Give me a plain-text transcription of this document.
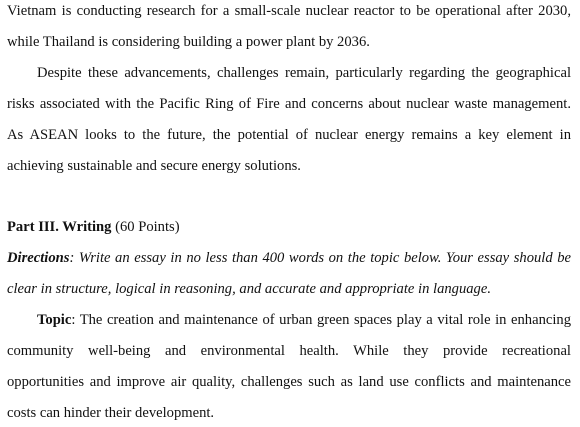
Vietnam is conducting research for a small-scale nuclear reactor to be operational after 2030,
while Thailand is considering building a power plant by 2036.
Despite these advancements, challenges remain, particularly regarding the geographical
risks associated with the Pacific Ring of Fire and concerns about nuclear waste management.
As ASEAN looks to the future, the potential of nuclear energy remains a key element in
achieving sustainable and secure energy solutions.
Part III. Writing (60 Points)
Directions: Write an essay in no less than 400 words on the topic below. Your essay should be
clear in structure, logical in reasoning, and accurate and appropriate in language.
Topic: The creation and maintenance of urban green spaces play a vital role in enhancing
community well-being and environmental health. While they provide recreational
opportunities and improve air quality, challenges such as land use conflicts and maintenance
costs can hinder their development.
